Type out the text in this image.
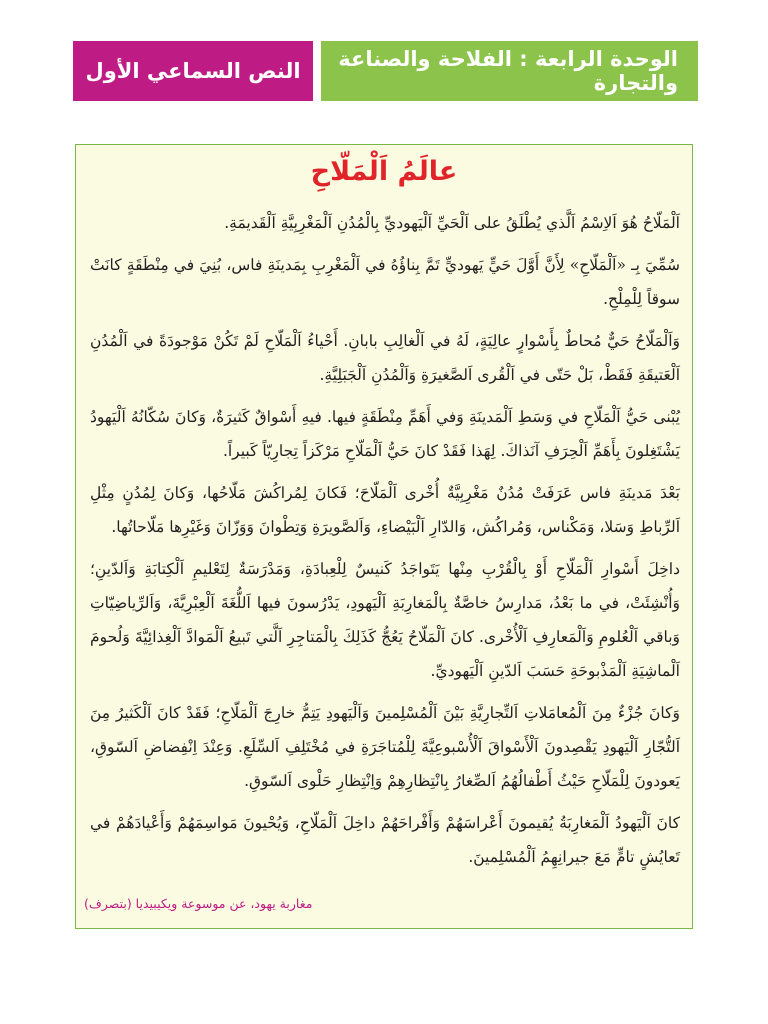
النص السماعي الأول	الوحدة الرابعة : الفلاحة والصناعة والتجارة
عالَمُ اَلْمَلّاحِ

اَلْمَلّاحُ هُوَ اَلاِسْمُ اَلَّذي يُطْلَقُ على اَلْحَيِّ اَلْيَهوديِّ بِالْمُدُنِ اَلْمَغْرِبِيَّةِ اَلْقَديمَةِ.

سُمِّيَ بِـ «اَلْمَلّاحِ» لِأَنَّ أَوَّلَ حَيٍّ يَهوديٍّ تَمَّ بِناؤُهُ في اَلْمَغْرِبِ بِمَدينَةِ فاس، بُنِيَ في مِنْطَقَةٍ كانَتْ سوقاً لِلْمِلْحِ.

وَاَلْمَلّاحُ حَيٌّ مُحاطٌ بِأَسْوارٍ عالِيَةٍ، لَهُ في اَلْغالِبِ بابانِ. أَحْياءُ اَلْمَلّاحِ لَمْ تَكُنْ مَوْجودَةً في اَلْمُدُنِ اَلْعَتيقَةِ فَقَطْ، بَلْ حَتّى في اَلْقُرى اَلصَّغيرَةِ وَاَلْمُدُنِ اَلْجَبَلِيَّةِ.

يُبْنى حَيُّ اَلْمَلّاحِ في وَسَطِ اَلْمَدينَةِ وَفي أَهَمِّ مِنْطَقَةٍ فيها. فيهِ أَسْواقٌ كَثيرَةٌ، وَكانَ سُكّانُهُ اَلْيَهودُ يَشْتَغِلونَ بِأَهَمِّ اَلْحِرَفِ آنَذاكَ. لِهَذا فَقَدْ كانَ حَيُّ اَلْمَلّاحِ مَرْكَزاً تِجارِيّاً كَبيراً.

بَعْدَ مَدينَةِ فاس عَرَفَتْ مُدُنٌ مَغْرِبِيَّةٌ أُخْرى اَلْمَلّاحَ؛ فَكانَ لِمُراكُشَ مَلّاحُها، وَكانَ لِمُدُنٍ مِثْلِ اَلرِّباطِ وَسَلا، وَمَكْناس، وَمُراكُش، وَالدّارِ اَلْبَيْضاءِ، وَاَلصَّويرَةِ وَتِطْوانَ وَوَزّانَ وَغَيْرِها مَلّاحاتُها.

داخِلَ أَسْوارِ اَلْمَلّاحِ أَوْ بِالْقُرْبِ مِنْها يَتَواجَدُ كَنيسٌ لِلْعِبادَةِ، وَمَدْرَسَةٌ لِتَعْليمِ اَلْكِتابَةِ وَاَلدّينِ؛ وَأُنْشِئَتْ، في ما بَعْدُ، مَدارِسُ خاصَّةٌ بِالْمَغارِبَةِ اَلْيَهودِ، يَدْرُسونَ فيها اَللُّغَةَ اَلْعِبْرِيَّةَ، وَاَلرِّياضِيّاتِ وَباقي اَلْعُلومِ وَاَلْمَعارِفِ اَلْأُخْرى. كانَ اَلْمَلّاحُ يَعُجُّ كَذَلِكَ بِالْمَتاجِرِ اَلَّتي تَبيعُ اَلْمَوادَّ اَلْغِذائِيَّةَ وَلُحومَ اَلْماشِيَةِ اَلْمَذْبوحَةِ حَسَبَ اَلدّينِ اَلْيَهوديِّ.

وَكانَ جُزْءٌ مِنَ اَلْمُعامَلاتِ اَلتِّجارِيَّةِ بَيْنَ اَلْمُسْلِمينَ وَاَلْيَهودِ يَتِمُّ خارِجَ اَلْمَلّاحِ؛ فَقَدْ كانَ اَلْكَثيرُ مِنَ اَلتُّجّارِ اَلْيَهودِ يَقْصِدونَ اَلْأَسْواقَ اَلْأُسْبوعِيَّةَ لِلْمُتاجَرَةِ في مُخْتَلِفِ اَلسِّلَعِ. وَعِنْدَ اِنْفِضاضِ اَلسّوقِ، يَعودونَ لِلْمَلّاحِ حَيْثُ أَطْفالُهُمُ اَلصِّغارُ بِانْتِظارِهِمْ وَاِنْتِظارِ حَلْوى اَلسّوقِ.

كانَ اَلْيَهودُ اَلْمَغارِبَةُ يُقيمونَ أَعْراسَهُمْ وَأَفْراحَهُمْ داخِلَ اَلْمَلّاحِ، وَيُحْيونَ مَواسِمَهُمْ وَأَعْيادَهُمْ في تَعايُشٍ تامٍّ مَعَ جيرانِهِمُ اَلْمُسْلِمينَ.

مغاربة يهود، عن موسوعة ويكيبيديا (بتصرف)
